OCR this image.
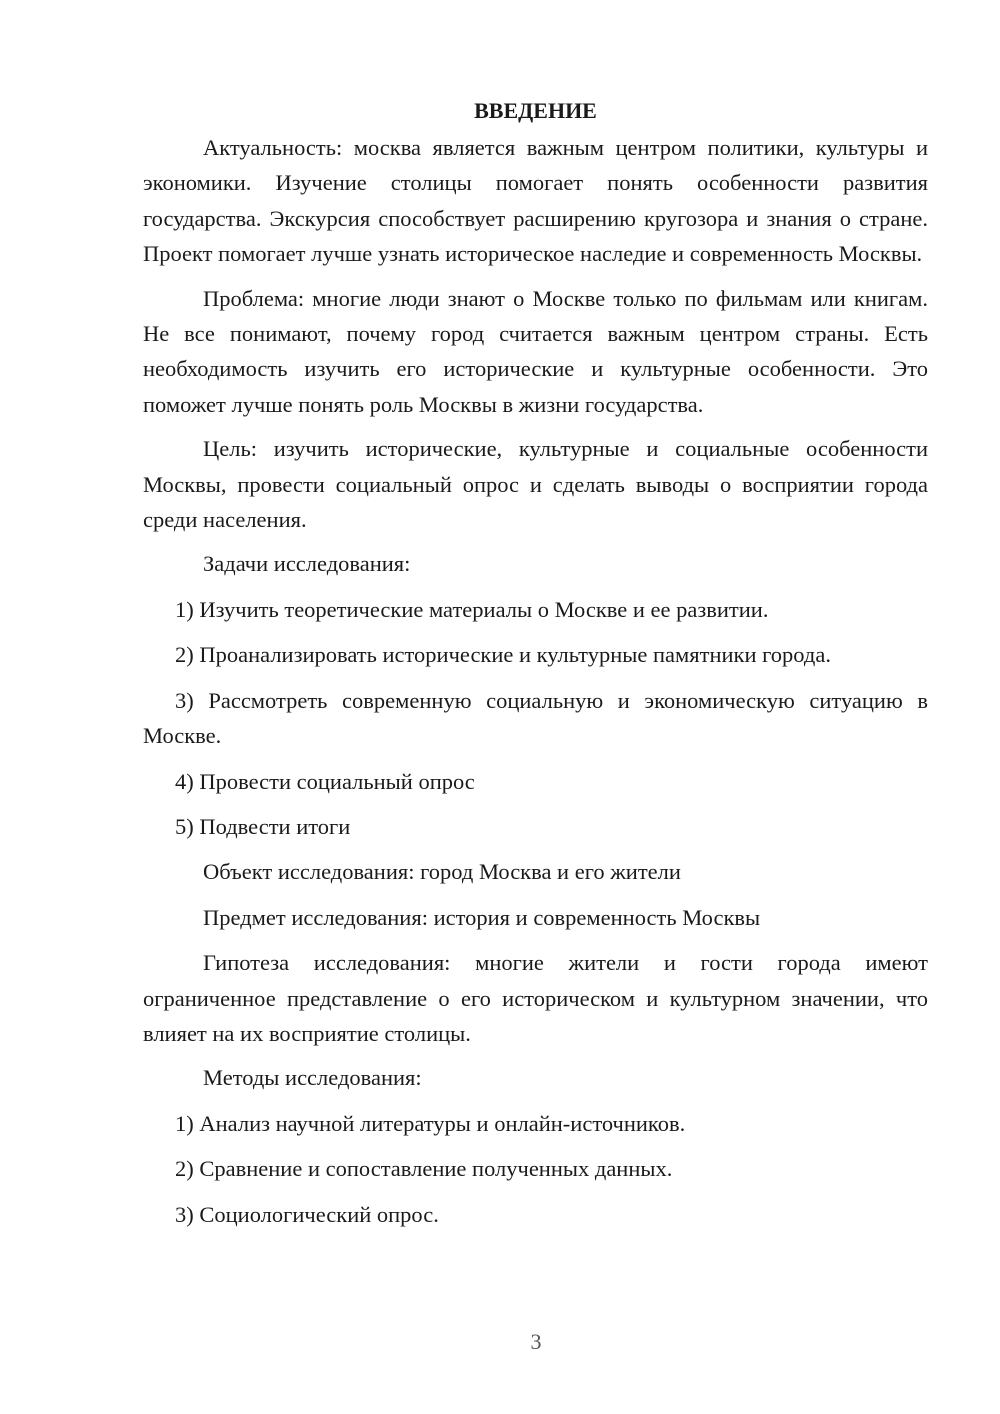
ВВЕДЕНИЕ

Актуальность: москва является важным центром политики, культуры и экономики. Изучение столицы помогает понять особенности развития государства. Экскурсия способствует расширению кругозора и знания о стране. Проект помогает лучше узнать историческое наследие и современность Москвы.

Проблема: многие люди знают о Москве только по фильмам или книгам. Не все понимают, почему город считается важным центром страны. Есть необходимость изучить его исторические и культурные особенности. Это поможет лучше понять роль Москвы в жизни государства.

Цель: изучить исторические, культурные и социальные особенности Москвы, провести социальный опрос и сделать выводы о восприятии города среди населения.

Задачи исследования:

1) Изучить теоретические материалы о Москве и ее развитии.

2) Проанализировать исторические и культурные памятники города.

3) Рассмотреть современную социальную и экономическую ситуацию в Москве.

4) Провести социальный опрос

5) Подвести итоги

Объект исследования: город Москва и его жители
Предмет исследования: история и современность Москвы

Гипотеза исследования: многие жители и гости города имеют ограниченное представление о его историческом и культурном значении, что влияет на их восприятие столицы.

Методы исследования:

1) Анализ научной литературы и онлайн-источников.

2) Сравнение и сопоставление полученных данных.

3) Социологический опрос.

3
